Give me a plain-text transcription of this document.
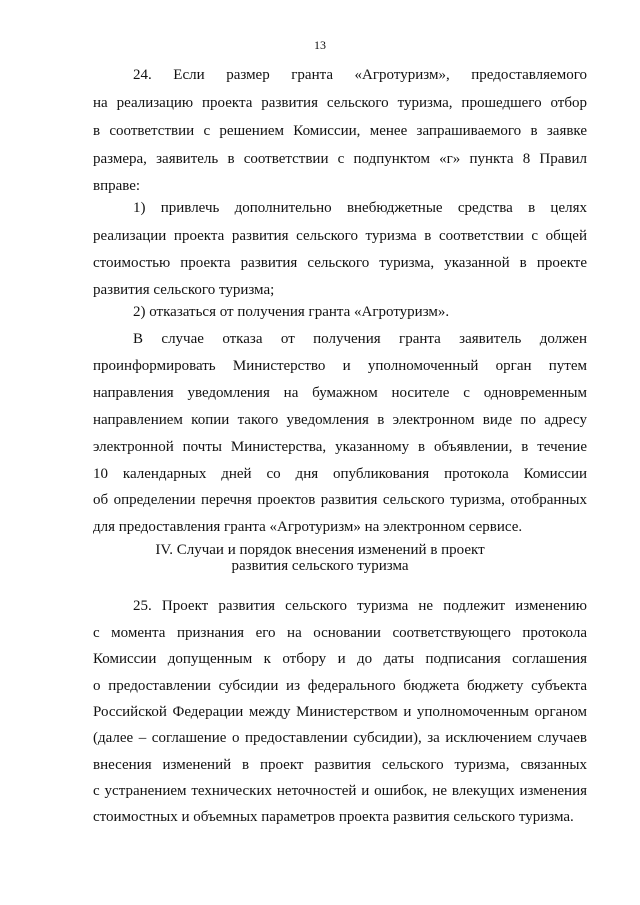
13
24. Если размер гранта «Агротуризм», предоставляемого
на реализацию проекта развития сельского туризма, прошедшего отбор
в соответствии с решением Комиссии, менее запрашиваемого в заявке
размера, заявитель в соответствии с подпунктом «г» пункта 8 Правил
вправе:
1) привлечь дополнительно внебюджетные средства в целях
реализации проекта развития сельского туризма в соответствии с общей
стоимостью проекта развития сельского туризма, указанной в проекте
развития сельского туризма;
2) отказаться от получения гранта «Агротуризм».
В случае отказа от получения гранта заявитель должен
проинформировать Министерство и уполномоченный орган путем
направления уведомления на бумажном носителе с одновременным
направлением копии такого уведомления в электронном виде по адресу
электронной почты Министерства, указанному в объявлении, в течение
10 календарных дней со дня опубликования протокола Комиссии
об определении перечня проектов развития сельского туризма, отобранных
для предоставления гранта «Агротуризм» на электронном сервисе.
IV. Случаи и порядок внесения изменений в проект
развития сельского туризма
25. Проект развития сельского туризма не подлежит изменению
с момента признания его на основании соответствующего протокола
Комиссии допущенным к отбору и до даты подписания соглашения
о предоставлении субсидии из федерального бюджета бюджету субъекта
Российской Федерации между Министерством и уполномоченным органом
(далее – соглашение о предоставлении субсидии), за исключением случаев
внесения изменений в проект развития сельского туризма, связанных
с устранением технических неточностей и ошибок, не влекущих изменения
стоимостных и объемных параметров проекта развития сельского туризма.
